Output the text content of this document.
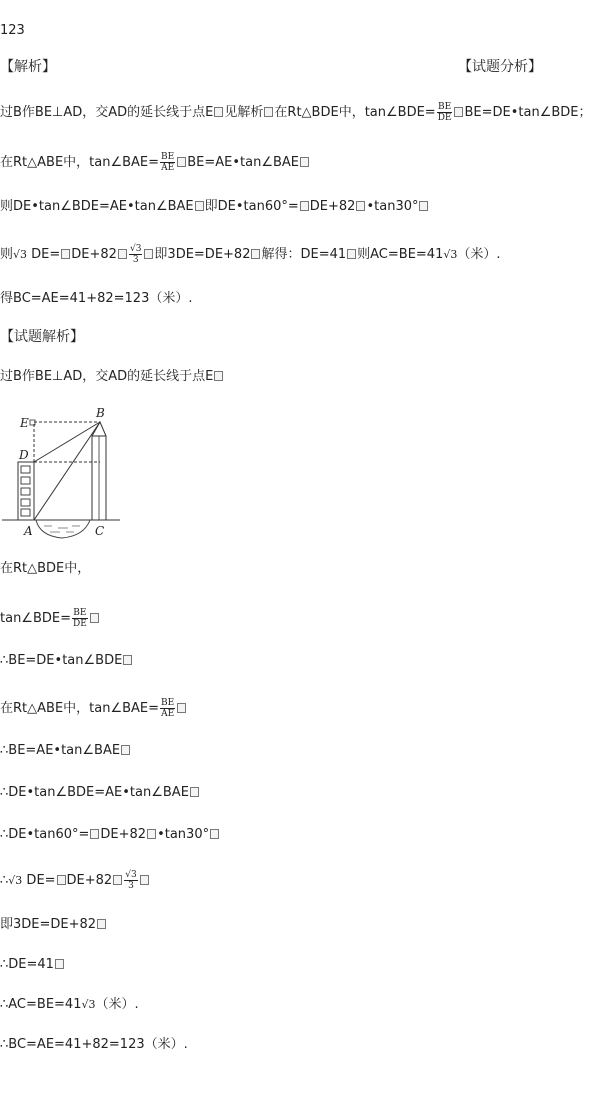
123
【解析】	【试题分析】
过B作BE⊥AD，交AD的延长线于点E 见解析 在Rt△BDE中，tan∠BDE= $\frac{BE}{DE}$ BE=DE•tan∠BDE；
在Rt△ABE中，tan∠BAE= $\frac{BE}{AE}$ BE=AE•tan∠BAE
则DE•tan∠BDE=AE•tan∠BAE 即DE•tan60°= DE+82 •tan30°
则√3 $DE= DE+82 \frac{√3}{3}$ 即3DE=DE+82 解得：DE=41 则AC=BE=41√3（米）.
得BC=AE=41+82=123（米）.
【试题解析】
过B作BE⊥AD，交AD的延长线于点E
E
D
B
A	C
在Rt△BDE中，
tan∠BDE= $\frac{BE}{DE}$
∴BE=DE•tan∠BDE
在Rt△ABE中，tan∠BAE= $\frac{BE}{AE}$
∴BE=AE•tan∠BAE
∴DE•tan∠BDE=AE•tan∠BAE
∴DE•tan60°= DE+82 •tan30°
∴√3 $DE= DE+82 \frac{√3}{3}$
即3DE=DE+82
∴DE=41
∴AC=BE=41√3（米）.
∴BC=AE=41+82=123（米）.
